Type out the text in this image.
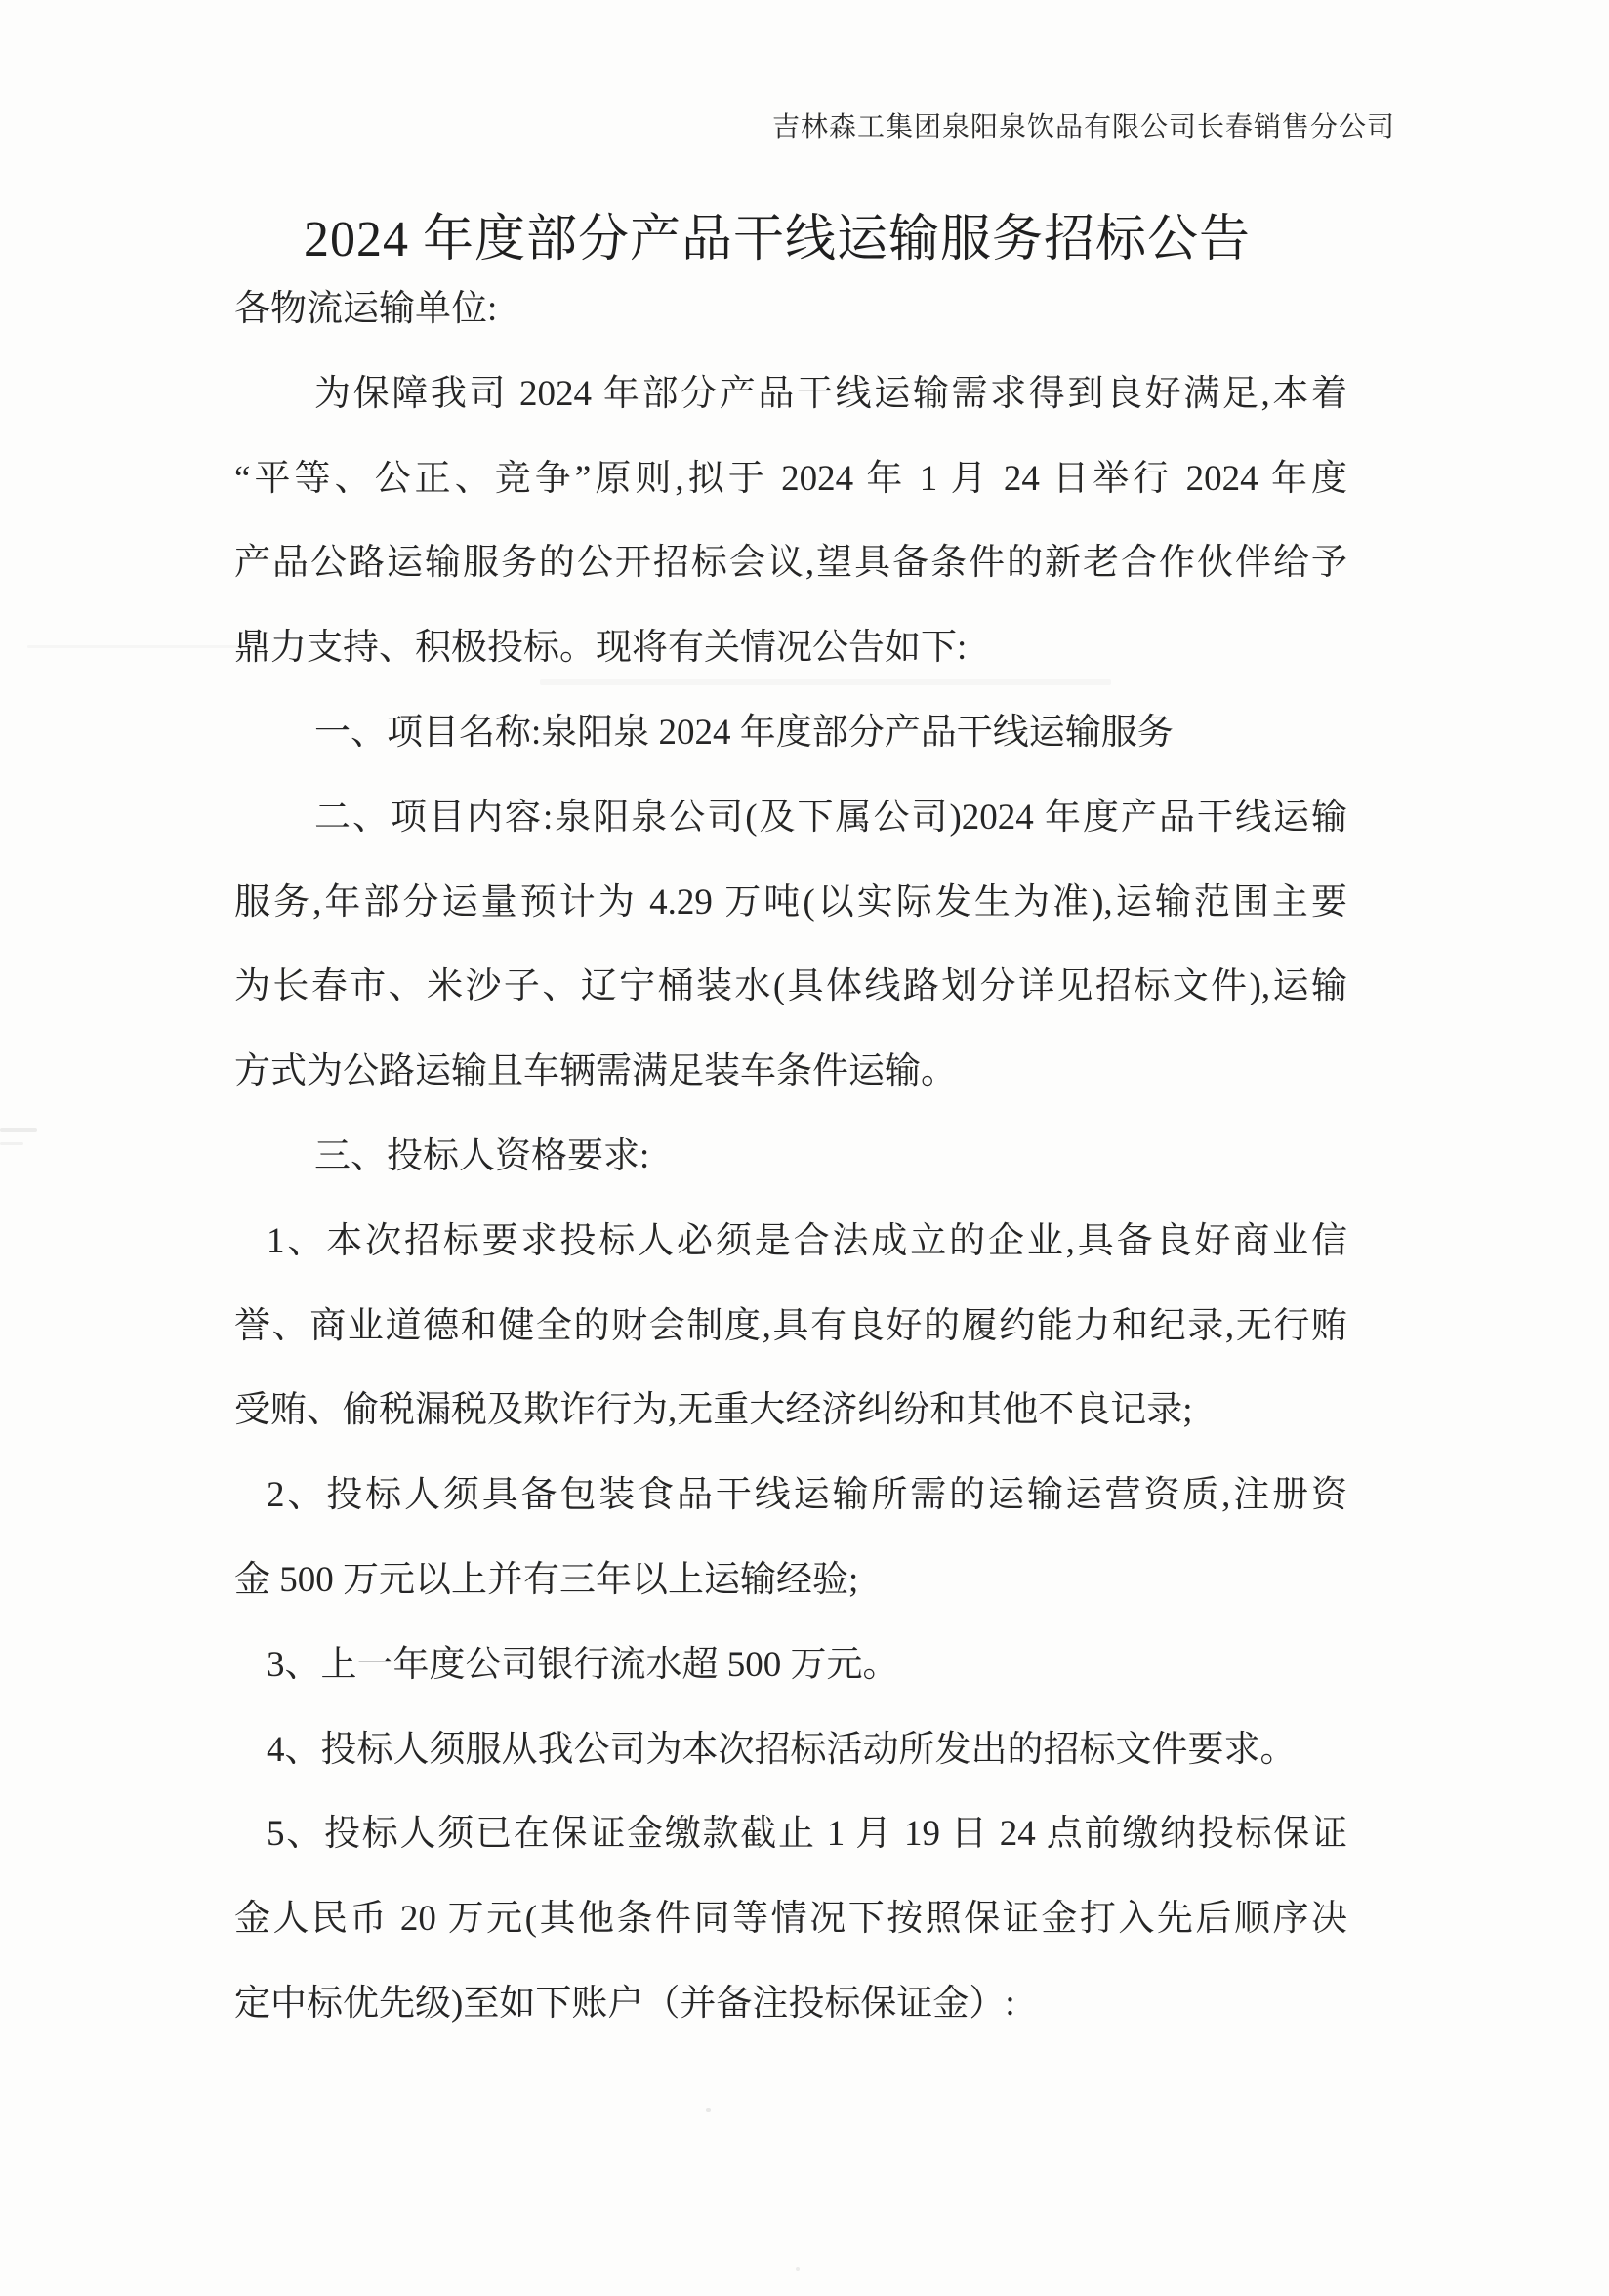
吉林森工集团泉阳泉饮品有限公司长春销售分公司
2024 年度部分产品干线运输服务招标公告
各物流运输单位:
为保障我司 2024 年部分产品干线运输需求得到良好满足,本着
“平等、公正、竞争”原则,拟于 2024 年 1 月 24 日举行 2024 年度
产品公路运输服务的公开招标会议,望具备条件的新老合作伙伴给予
鼎力支持、积极投标。现将有关情况公告如下:
一、项目名称:泉阳泉 2024 年度部分产品干线运输服务
二、项目内容:泉阳泉公司(及下属公司)2024 年度产品干线运输
服务,年部分运量预计为 4.29 万吨(以实际发生为准),运输范围主要
为长春市、米沙子、辽宁桶装水(具体线路划分详见招标文件),运输
方式为公路运输且车辆需满足装车条件运输。
三、投标人资格要求:
1、本次招标要求投标人必须是合法成立的企业,具备良好商业信
誉、商业道德和健全的财会制度,具有良好的履约能力和纪录,无行贿
受贿、偷税漏税及欺诈行为,无重大经济纠纷和其他不良记录;
2、投标人须具备包装食品干线运输所需的运输运营资质,注册资
金 500 万元以上并有三年以上运输经验;
3、上一年度公司银行流水超 500 万元。
4、投标人须服从我公司为本次招标活动所发出的招标文件要求。
5、投标人须已在保证金缴款截止 1 月 19 日 24 点前缴纳投标保证
金人民币 20 万元(其他条件同等情况下按照保证金打入先后顺序决
定中标优先级)至如下账户（并备注投标保证金）:
